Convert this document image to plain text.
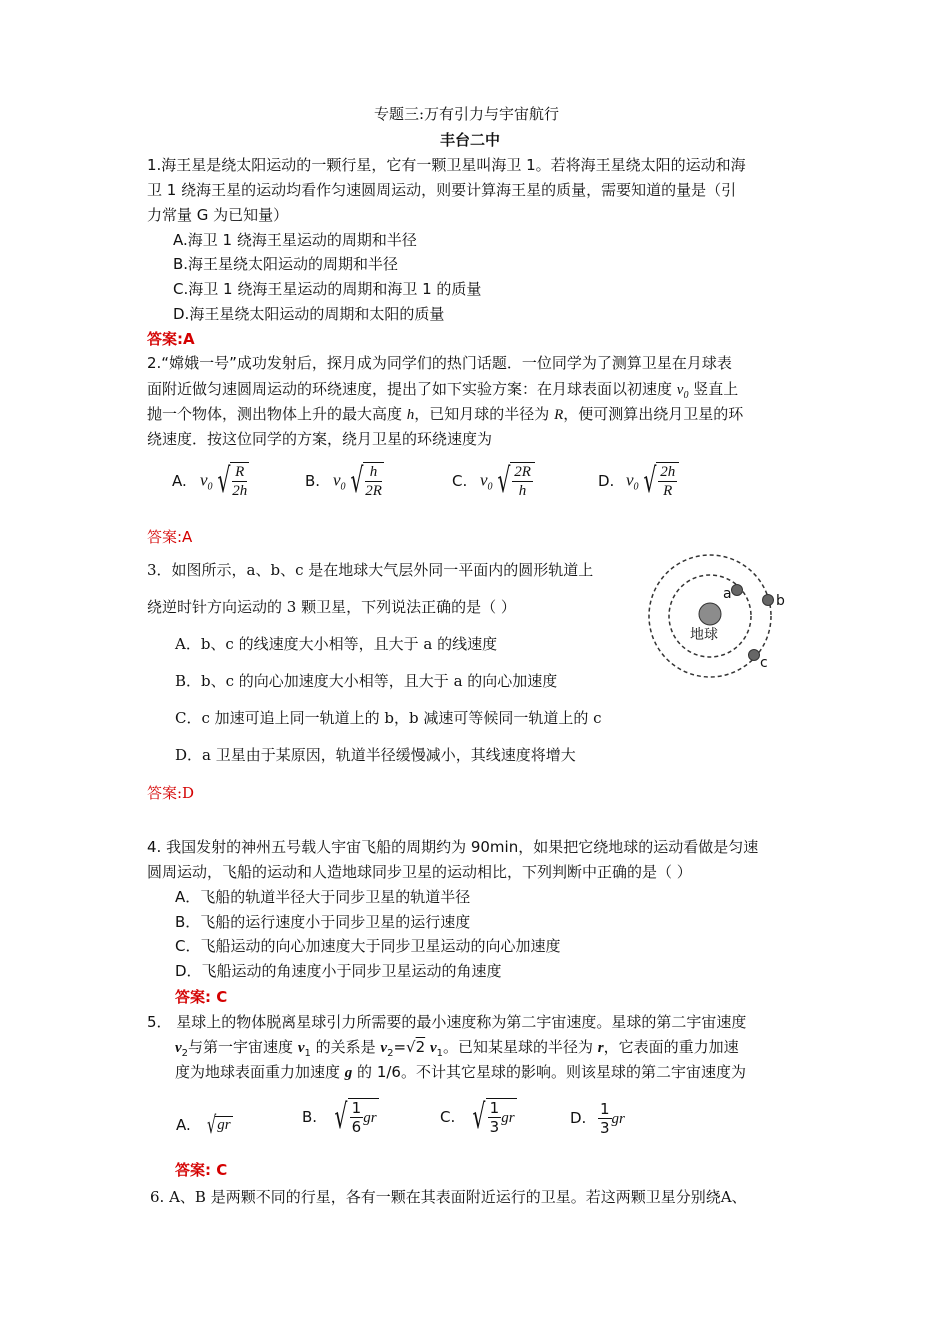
专题三:万有引力与宇宙航行
丰台二中
1.海王星是绕太阳运动的一颗行星，它有一颗卫星叫海卫 1。若将海王星绕太阳的运动和海
卫 1 绕海王星的运动均看作匀速圆周运动，则要计算海王星的质量，需要知道的量是（引
力常量 G 为已知量）
A.海卫 1 绕海王星运动的周期和半径
B.海王星绕太阳运动的周期和半径
C.海卫 1 绕海王星运动的周期和海卫 1 的质量
D.海王星绕太阳运动的周期和太阳的质量
答案:A
2.“嫦娥一号”成功发射后，探月成为同学们的热门话题．一位同学为了测算卫星在月球表
面附近做匀速圆周运动的环绕速度，提出了如下实验方案：在月球表面以初速度 $v_0$ 竖直上
抛一个物体，测出物体上升的最大高度 h，已知月球的半径为 R，便可测算出绕月卫星的环
绕速度．按这位同学的方案，绕月卫星的环绕速度为
A. $v_0$ √ $\frac{R}{2h}$	B. $v_0$ √ $\frac{h}{2R}$	C. $v_0$ √ $\frac{2R}{h}$	D. $v_0$ √ $\frac{2h}{R}$
答案:A
3．如图所示，a、b、c 是在地球大气层外同一平面内的圆形轨道上
绕逆时针方向运动的 3 颗卫星，下列说法正确的是（ ）
A．b、c 的线速度大小相等，且大于 a 的线速度
B．b、c 的向心加速度大小相等，且大于 a 的向心加速度
C．c 加速可追上同一轨道上的 b，b 减速可等候同一轨道上的 c
D．a 卫星由于某原因，轨道半径缓慢减小，其线速度将增大
答案:D
地球
a	b
c
4. 我国发射的神州五号载人宇宙飞船的周期约为 90min，如果把它绕地球的运动看做是匀速
圆周运动，飞船的运动和人造地球同步卫星的运动相比，下列判断中正确的是（ ）
A．飞船的轨道半径大于同步卫星的轨道半径
B．飞船的运行速度小于同步卫星的运行速度
C．飞船运动的向心加速度大于同步卫星运动的向心加速度
D．飞船运动的角速度小于同步卫星运动的角速度
答案: C
5． 星球上的物体脱离星球引力所需要的最小速度称为第二宇宙速度。星球的第二宇宙速度
$v_2$与第一宇宙速度 $v_1$ 的关系是 $v_2=√2$ $v_1$。已知某星球的半径为 r，它表面的重力加速
度为地球表面重力加速度 g 的 1/6。不计其它星球的影响。则该星球的第二宇宙速度为
A. √ gr	B. √ $\frac{1}{6}$ gr	C. √ $\frac{1}{3}$ gr	D. $\frac{1}{3}$ gr
答案: C
6. A、B 是两颗不同的行星，各有一颗在其表面附近运行的卫星。若这两颗卫星分别绕A、
